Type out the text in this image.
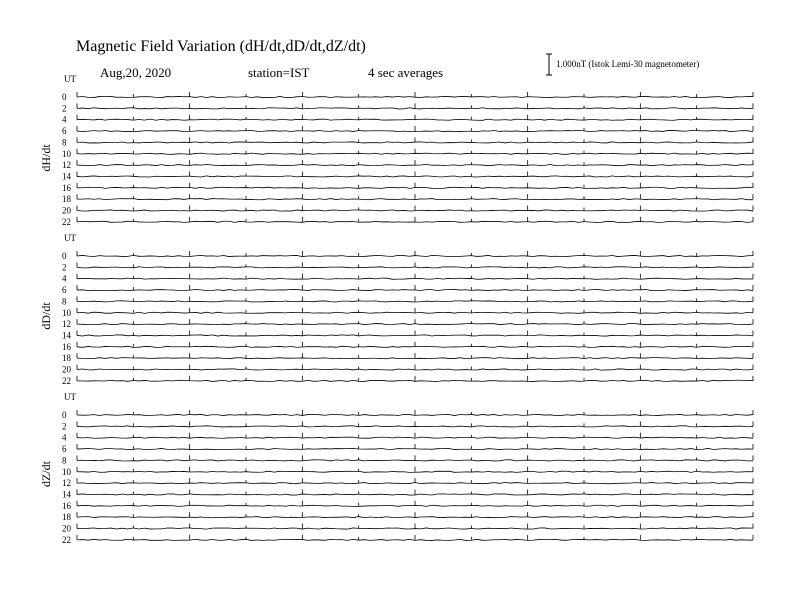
Magnetic Field Variation (dH/dt,dD/dt,dZ/dt)
Aug,20, 2020	station=IST	4 sec averages
1.000nT (Istok Lemi-30 magnetometer)
UT
dH/dt
0
2
4
6
8
10
12
14
16
18
20
22
UT
dD/dt
0
2
4
6
8
10
12
14
16
18
20
22
UT
dZ/dt
0
2
4
6
8
10
12
14
16
18
20
22
